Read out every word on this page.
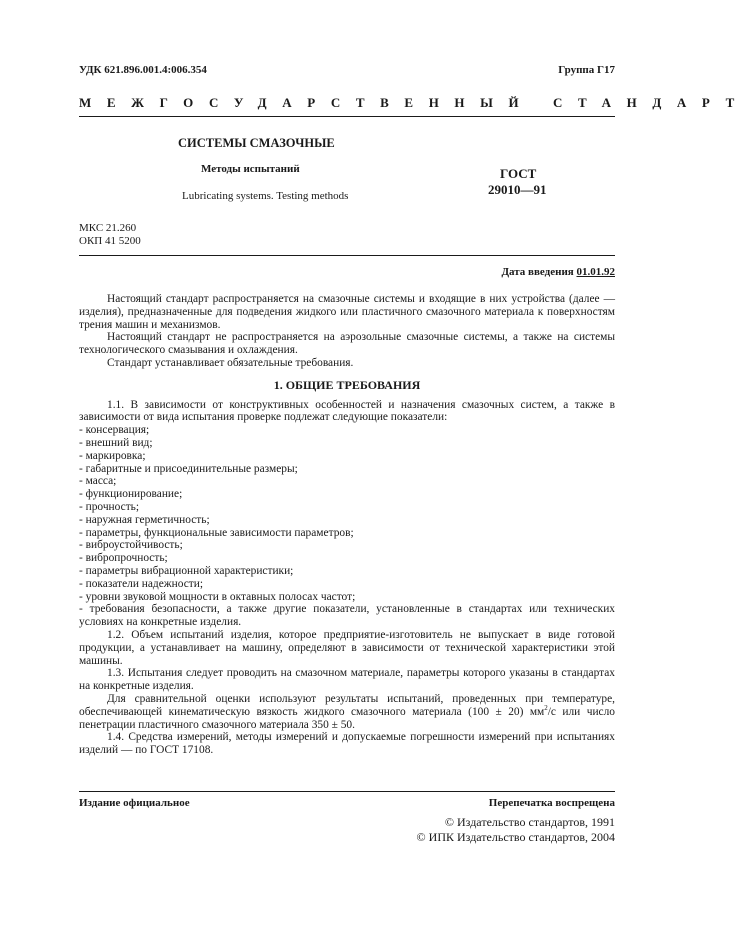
УДК 621.896.001.4:006.354	Группа Г17
МЕЖГОСУДАРСТВЕННЫЙ СТАНДАРТ
СИСТЕМЫ СМАЗОЧНЫЕ
Методы испытаний
Lubricating systems. Testing methods
ГОСТ
29010—91
МКС 21.260
ОКП 41 5200
Дата введения 01.01.92

Настоящий стандарт распространяется на смазочные системы и входящие в них устройства (далее — изделия), предназначенные для подведения жидкого или пластичного смазочного материала к поверхностям трения машин и механизмов.

Настоящий стандарт не распространяется на аэрозольные смазочные системы, а также на системы технологического смазывания и охлаждения.

Стандарт устанавливает обязательные требования.

1. ОБЩИЕ ТРЕБОВАНИЯ

1.1. В зависимости от конструктивных особенностей и назначения смазочных систем, а также в зависимости от вида испытания проверке подлежат следующие показатели:

- консервация;
- внешний вид;
- маркировка;
- габаритные и присоединительные размеры;
- масса;
- функционирование;
- прочность;
- наружная герметичность;
- параметры, функциональные зависимости параметров;
- виброустойчивость;
- вибропрочность;
- параметры вибрационной характеристики;
- показатели надежности;
- уровни звуковой мощности в октавных полосах частот;
- требования безопасности, а также другие показатели, установленные в стандартах или технических условиях на конкретные изделия.

1.2. Объем испытаний изделия, которое предприятие-изготовитель не выпускает в виде готовой продукции, а устанавливает на машину, определяют в зависимости от технической характеристики этой машины.

1.3. Испытания следует проводить на смазочном материале, параметры которого указаны в стандартах на конкретные изделия.

Для сравнительной оценки используют результаты испытаний, проведенных при температуре, обеспечивающей кинематическую вязкость жидкого смазочного материала (100 ± 20) $мм^2/с$ или число пенетрации пластичного смазочного материала 350 ± 50.

1.4. Средства измерений, методы измерений и допускаемые погрешности измерений при испытаниях изделий — по ГОСТ 17108.

Издание официальное	Перепечатка воспрещена
© Издательство стандартов, 1991
© ИПК Издательство стандартов, 2004
